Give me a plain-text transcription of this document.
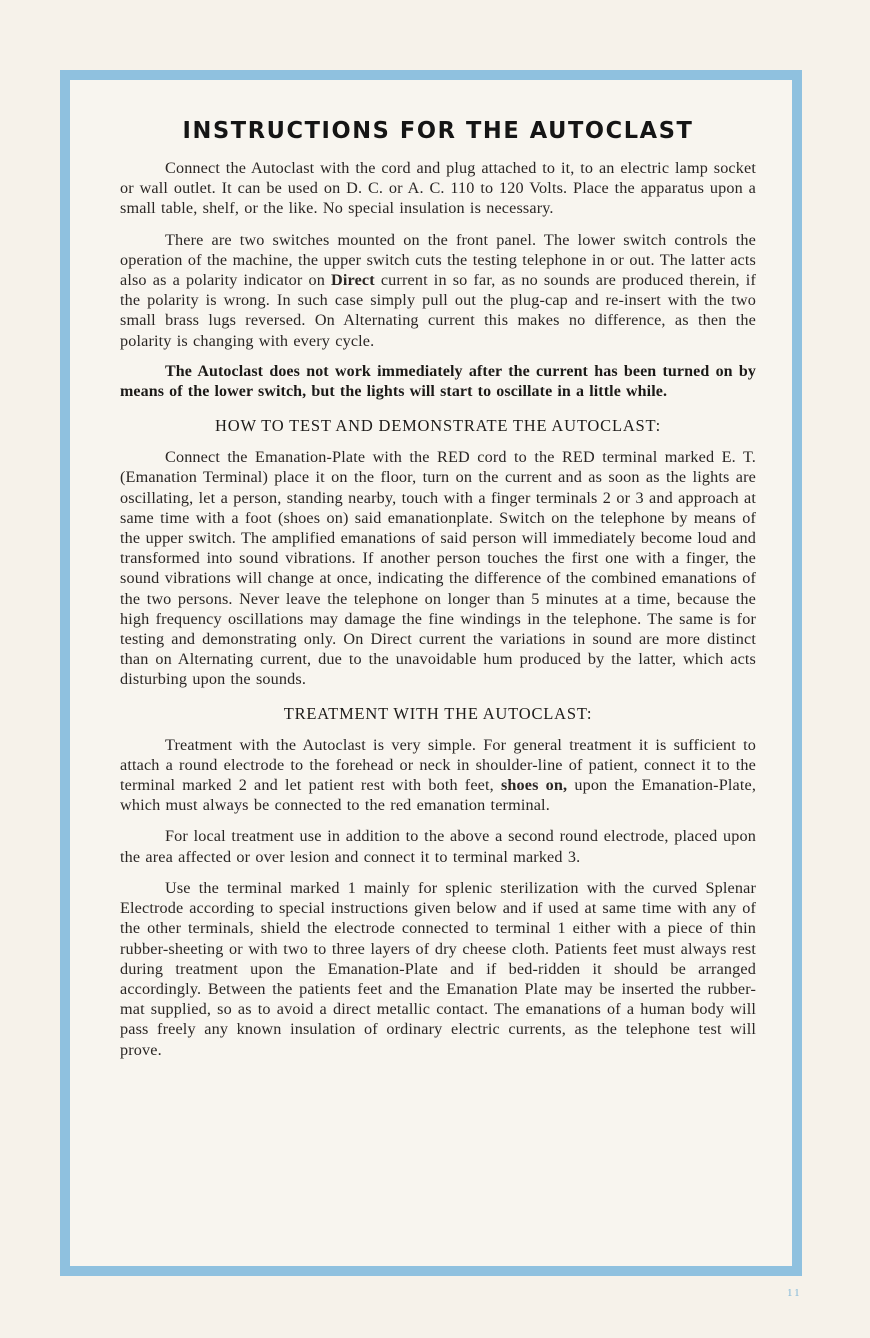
INSTRUCTIONS FOR THE AUTOCLAST

Connect the Autoclast with the cord and plug attached to it, to an electric lamp socket or wall outlet. It can be used on D. C. or A. C. 110 to 120 Volts. Place the apparatus upon a small table, shelf, or the like. No special insulation is necessary.

There are two switches mounted on the front panel. The lower switch controls the operation of the machine, the upper switch cuts the testing telephone in or out. The latter acts also as a polarity indicator on Direct current in so far, as no sounds are produced therein, if the polarity is wrong. In such case simply pull out the plug-cap and re-insert with the two small brass lugs reversed. On Alternating current this makes no difference, as then the polarity is changing with every cycle.

The Autoclast does not work immediately after the current has been turned on by means of the lower switch, but the lights will start to oscillate in a little while.

HOW TO TEST AND DEMONSTRATE THE AUTOCLAST:

Connect the Emanation-Plate with the RED cord to the RED terminal marked E. T. (Emanation Terminal) place it on the floor, turn on the current and as soon as the lights are oscillating, let a person, standing nearby, touch with a finger terminals 2 or 3 and approach at same time with a foot (shoes on) said emanationplate. Switch on the telephone by means of the upper switch. The amplified emanations of said person will immediately become loud and transformed into sound vibrations. If another person touches the first one with a finger, the sound vibrations will change at once, indicating the difference of the combined emanations of the two persons. Never leave the telephone on longer than 5 minutes at a time, because the high frequency oscillations may damage the fine windings in the telephone. The same is for testing and demonstrating only. On Direct current the variations in sound are more distinct than on Alternating current, due to the unavoidable hum produced by the latter, which acts disturbing upon the sounds.

TREATMENT WITH THE AUTOCLAST:

Treatment with the Autoclast is very simple. For general treatment it is sufficient to attach a round electrode to the forehead or neck in shoulder-line of patient, connect it to the terminal marked 2 and let patient rest with both feet, shoes on, upon the Emanation-Plate, which must always be connected to the red emanation terminal.

For local treatment use in addition to the above a second round electrode, placed upon the area affected or over lesion and connect it to terminal marked 3.

Use the terminal marked 1 mainly for splenic sterilization with the curved Splenar Electrode according to special instructions given below and if used at same time with any of the other terminals, shield the electrode connected to terminal 1 either with a piece of thin rubber-sheeting or with two to three layers of dry cheese cloth. Patients feet must always rest during treatment upon the Emanation-Plate and if bed-ridden it should be arranged accordingly. Between the patients feet and the Emanation Plate may be inserted the rubber-mat supplied, so as to avoid a direct metallic contact. The emanations of a human body will pass freely any known insulation of ordinary electric currents, as the telephone test will prove.

11
